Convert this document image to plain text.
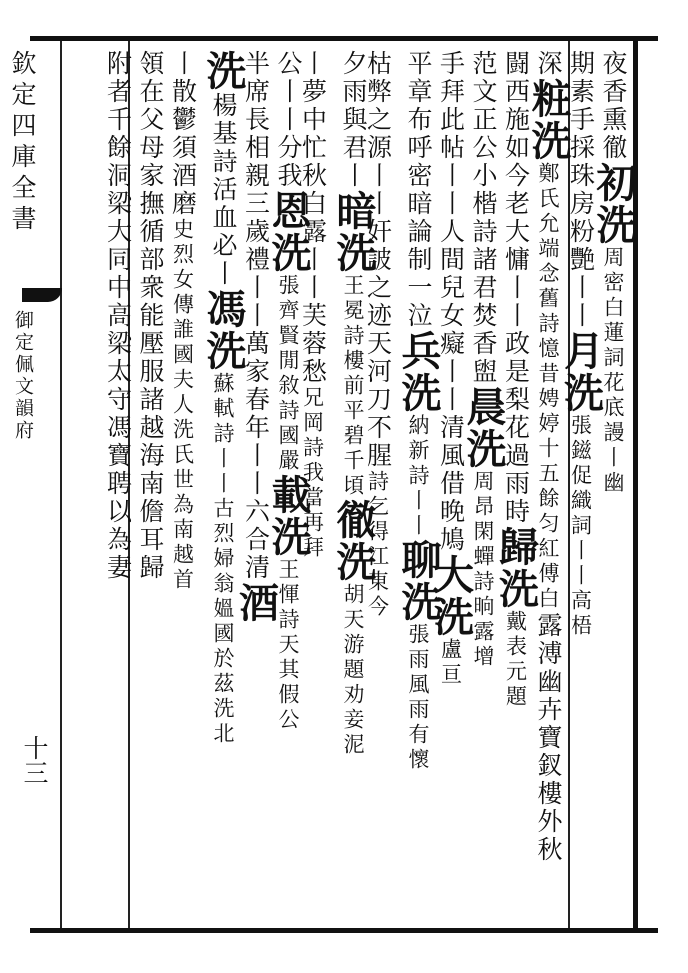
欽定四庫全書
御定佩文韻府
十三
夜香熏徹初洗周密白蓮詞花底謾丨幽
期素手採珠房粉艷丨丨月洗張鎡促織詞丨丨高梧
深粧洗鄭氏允端念舊詩憶昔娉婷十五餘匀紅傅白露溥幽卉寶釵樓外秋
闘西施如今老大慵丨丨政是梨花過雨時歸洗戴表元題
范文正公小楷詩諸君焚香盥晨洗周昂閑蟬詩晌露增
手拜此帖丨丨人間兒女癡丨丨清風借晚鳩大洗盧亘
平章布呼密暗論制一泣兵洗納新詩丨丨聊洗張雨風雨有懷
枯弊之源丨丨奸詖之迹天河刀不腥詩乞得江東今
夕雨與君丨暗洗王冕詩樓前平碧千頃徹洗胡天游題劝妾泥
丨夢中忙秋白露丨丨芙蓉愁兄岡詩我當再拜
公丨丨分我恩洗張齊賢閒敘詩國嚴載洗王惲詩天其假公
半席長相親三歲禮丨丨萬家春年丨丨六合清酒
洗楊基詩活血必丨馮洗蘇軾詩丨丨古烈婦翁媼國於茲洗北
丨散鬱須酒磨史烈女傳誰國夫人洗氏世為南越首
領在父母家撫循部衆能壓服諸越海南儋耳歸
附者千餘洞梁大同中高梁太守馮寶聘以為妻
